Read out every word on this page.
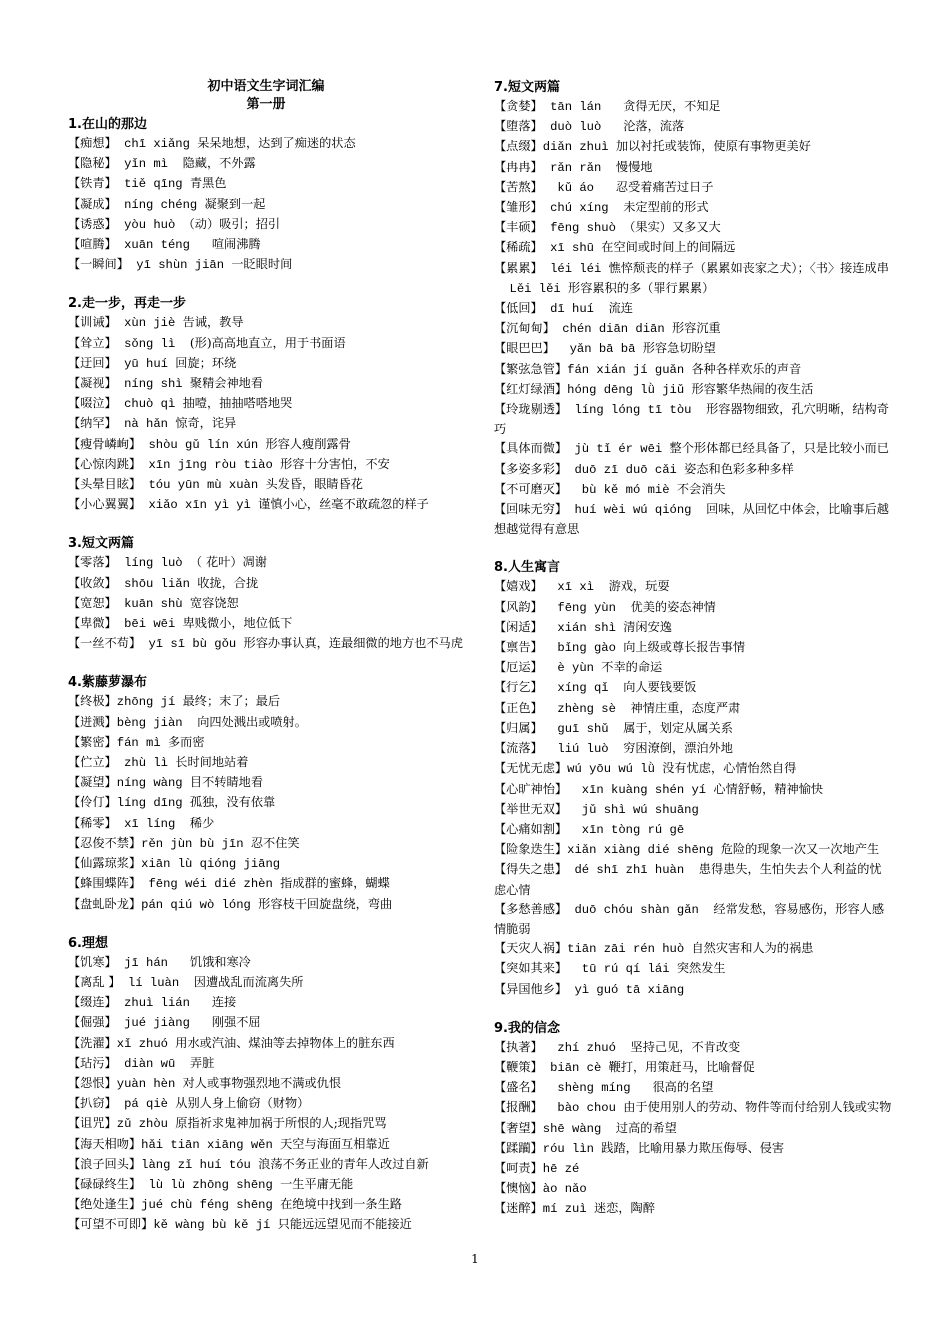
初中语文生字词汇编
第一册
1.在山的那边
【痴想】 chī xiǎng 呆呆地想，达到了痴迷的状态
【隐秘】 yǐn mì  隐藏，不外露
【铁青】 tiě qīng 青黑色
【凝成】 níng chéng 凝聚到一起
【诱惑】 yòu huò （动）吸引；招引
【喧腾】 xuān téng   喧闹沸腾
【一瞬间】 yī shùn jiān 一眨眼时间
2.走一步，再走一步
【训诫】 xùn jiè 告诫，教导
【耸立】 sǒng lì  (形)高高地直立，用于书面语
【迂回】 yū huí 回旋；环绕
【凝视】 níng shì 聚精会神地看
【啜泣】 chuò qì 抽噎，抽抽嗒嗒地哭
【纳罕】 nà hǎn 惊奇，诧异
【瘦骨嶙峋】 shòu gǔ lín xún 形容人瘦削露骨
【心惊肉跳】 xīn jīng ròu tiào 形容十分害怕，不安
【头晕目眩】 tóu yūn mù xuàn 头发昏，眼睛昏花
【小心翼翼】 xiǎo xīn yì yì 谨慎小心，丝毫不敢疏忽的样子
3.短文两篇
【零落】 líng luò （ 花叶）凋谢
【收敛】 shōu liǎn 收拢，合拢
【宽恕】 kuān shù 宽容饶恕
【卑微】 bēi wēi 卑贱微小，地位低下
【一丝不苟】 yī sī bù gǒu 形容办事认真，连最细微的地方也不马虎
4.紫藤萝瀑布
【终极】zhōng jí 最终；末了；最后
【迸溅】bèng jiàn  向四处溅出或喷射。
【繁密】fán mì 多而密
【伫立】 zhù lì 长时间地站着
【凝望】níng wàng 目不转睛地看
【伶仃】líng dīng 孤独，没有依靠
【稀零】 xī líng  稀少
【忍俊不禁】rěn jùn bù jīn 忍不住笑
【仙露琼浆】xiān lù qióng jiāng
【蜂围蝶阵】 fēng wéi dié zhèn 指成群的蜜蜂，蝴蝶
【盘虬卧龙】pán qiú wò lóng 形容枝干回旋盘绕，弯曲
6.理想
【饥寒】 jī hán   饥饿和寒冷
【离乱 】 lí luàn  因遭战乱而流离失所
【缀连】 zhuì lián   连接
【倔强】 jué jiàng   刚强不屈
【洗濯】xǐ zhuó 用水或汽油、煤油等去掉物体上的脏东西
【玷污】 diàn wū  弄脏
【怨恨】yuàn hèn 对人或事物强烈地不满或仇恨
【扒窃】 pá qiè 从别人身上偷窃（财物）
【诅咒】zǔ zhòu 原指祈求鬼神加祸于所恨的人;现指咒骂
【海天相吻】hǎi tiān xiāng wěn 天空与海面互相靠近
【浪子回头】làng zǐ huí tóu 浪荡不务正业的青年人改过自新
【碌碌终生】 lù lù zhōng shēng 一生平庸无能
【绝处逢生】jué chù féng shēng 在绝境中找到一条生路
【可望不可即】kě wàng bù kě jí 只能远远望见而不能接近
7.短文两篇
【贪婪】 tān lán   贪得无厌，不知足
【堕落】 duò luò   沦落，流落
【点缀】diǎn zhuì 加以衬托或装饰，使原有事物更美好
【冉冉】 rǎn rǎn  慢慢地
【苦熬】  kǔ áo   忍受着痛苦过日子
【雏形】 chú xíng  未定型前的形式
【丰硕】 fēng shuò （果实）又多又大
【稀疏】 xī shū 在空间或时间上的间隔远
【累累】 léi léi 憔悴颓丧的样子（累累如丧家之犬）；〈书〉接连成串
Lěi lěi 形容累积的多（罪行累累）
【低回】 dī huí  流连
【沉甸甸】 chén diān diān 形容沉重
【眼巴巴】  yǎn bā bā 形容急切盼望
【繁弦急管】fán xián jí guǎn 各种各样欢乐的声音
【红灯绿酒】hóng dēng lǜ jiǔ 形容繁华热闹的夜生活
【玲珑剔透】 líng lóng tī tòu  形容器物细致，孔穴明晰，结构奇巧
【具体而微】 jù tǐ ér wēi 整个形体都已经具备了，只是比较小而已
【多姿多彩】 duō zī duō cǎi 姿态和色彩多种多样
【不可磨灭】  bù kě mó miè 不会消失
【回味无穷】 huí wèi wú qióng  回味，从回忆中体会，比喻事后越想越觉得有意思
8.人生寓言
【嬉戏】  xī xì  游戏，玩耍
【风韵】  fēng yùn  优美的姿态神情
【闲适】  xián shì 清闲安逸
【禀告】  bǐng gào 向上级或尊长报告事情
【厄运】  è yùn 不幸的命运
【行乞】  xíng qǐ  向人要钱要饭
【正色】  zhèng sè  神情庄重，态度严肃
【归属】  guī shǔ  属于，划定从属关系
【流落】  liú luò  穷困潦倒，漂泊外地
【无忧无虑】wú yōu wú lǜ 没有忧虑，心情怡然自得
【心旷神怡】  xīn kuàng shén yí 心情舒畅，精神愉快
【举世无双】  jǔ shì wú shuāng
【心痛如割】  xīn tòng rú gē
【险象迭生】xiǎn xiàng dié shēng 危险的现象一次又一次地产生
【得失之患】 dé shī zhī huàn  患得患失，生怕失去个人利益的忧虑心情
【多愁善感】 duō chóu shàn gǎn  经常发愁，容易感伤，形容人感情脆弱
【天灾人祸】tiān zāi rén huò 自然灾害和人为的祸患
【突如其来】  tū rú qí lái 突然发生
【异国他乡】 yì guó tā xiāng
9.我的信念
【执著】  zhí zhuó  坚持己见，不肯改变
【鞭策】 biān cè 鞭打，用策赶马，比喻督促
【盛名】  shèng míng   很高的名望
【报酬】  bào chou 由于使用别人的劳动、物件等而付给别人钱或实物
【奢望】shē wàng  过高的希望
【蹂躏】róu lìn 践踏，比喻用暴力欺压侮辱、侵害
【呵责】hē zé
【懊恼】ào nǎo
【迷醉】mí zuì 迷恋，陶醉
1
